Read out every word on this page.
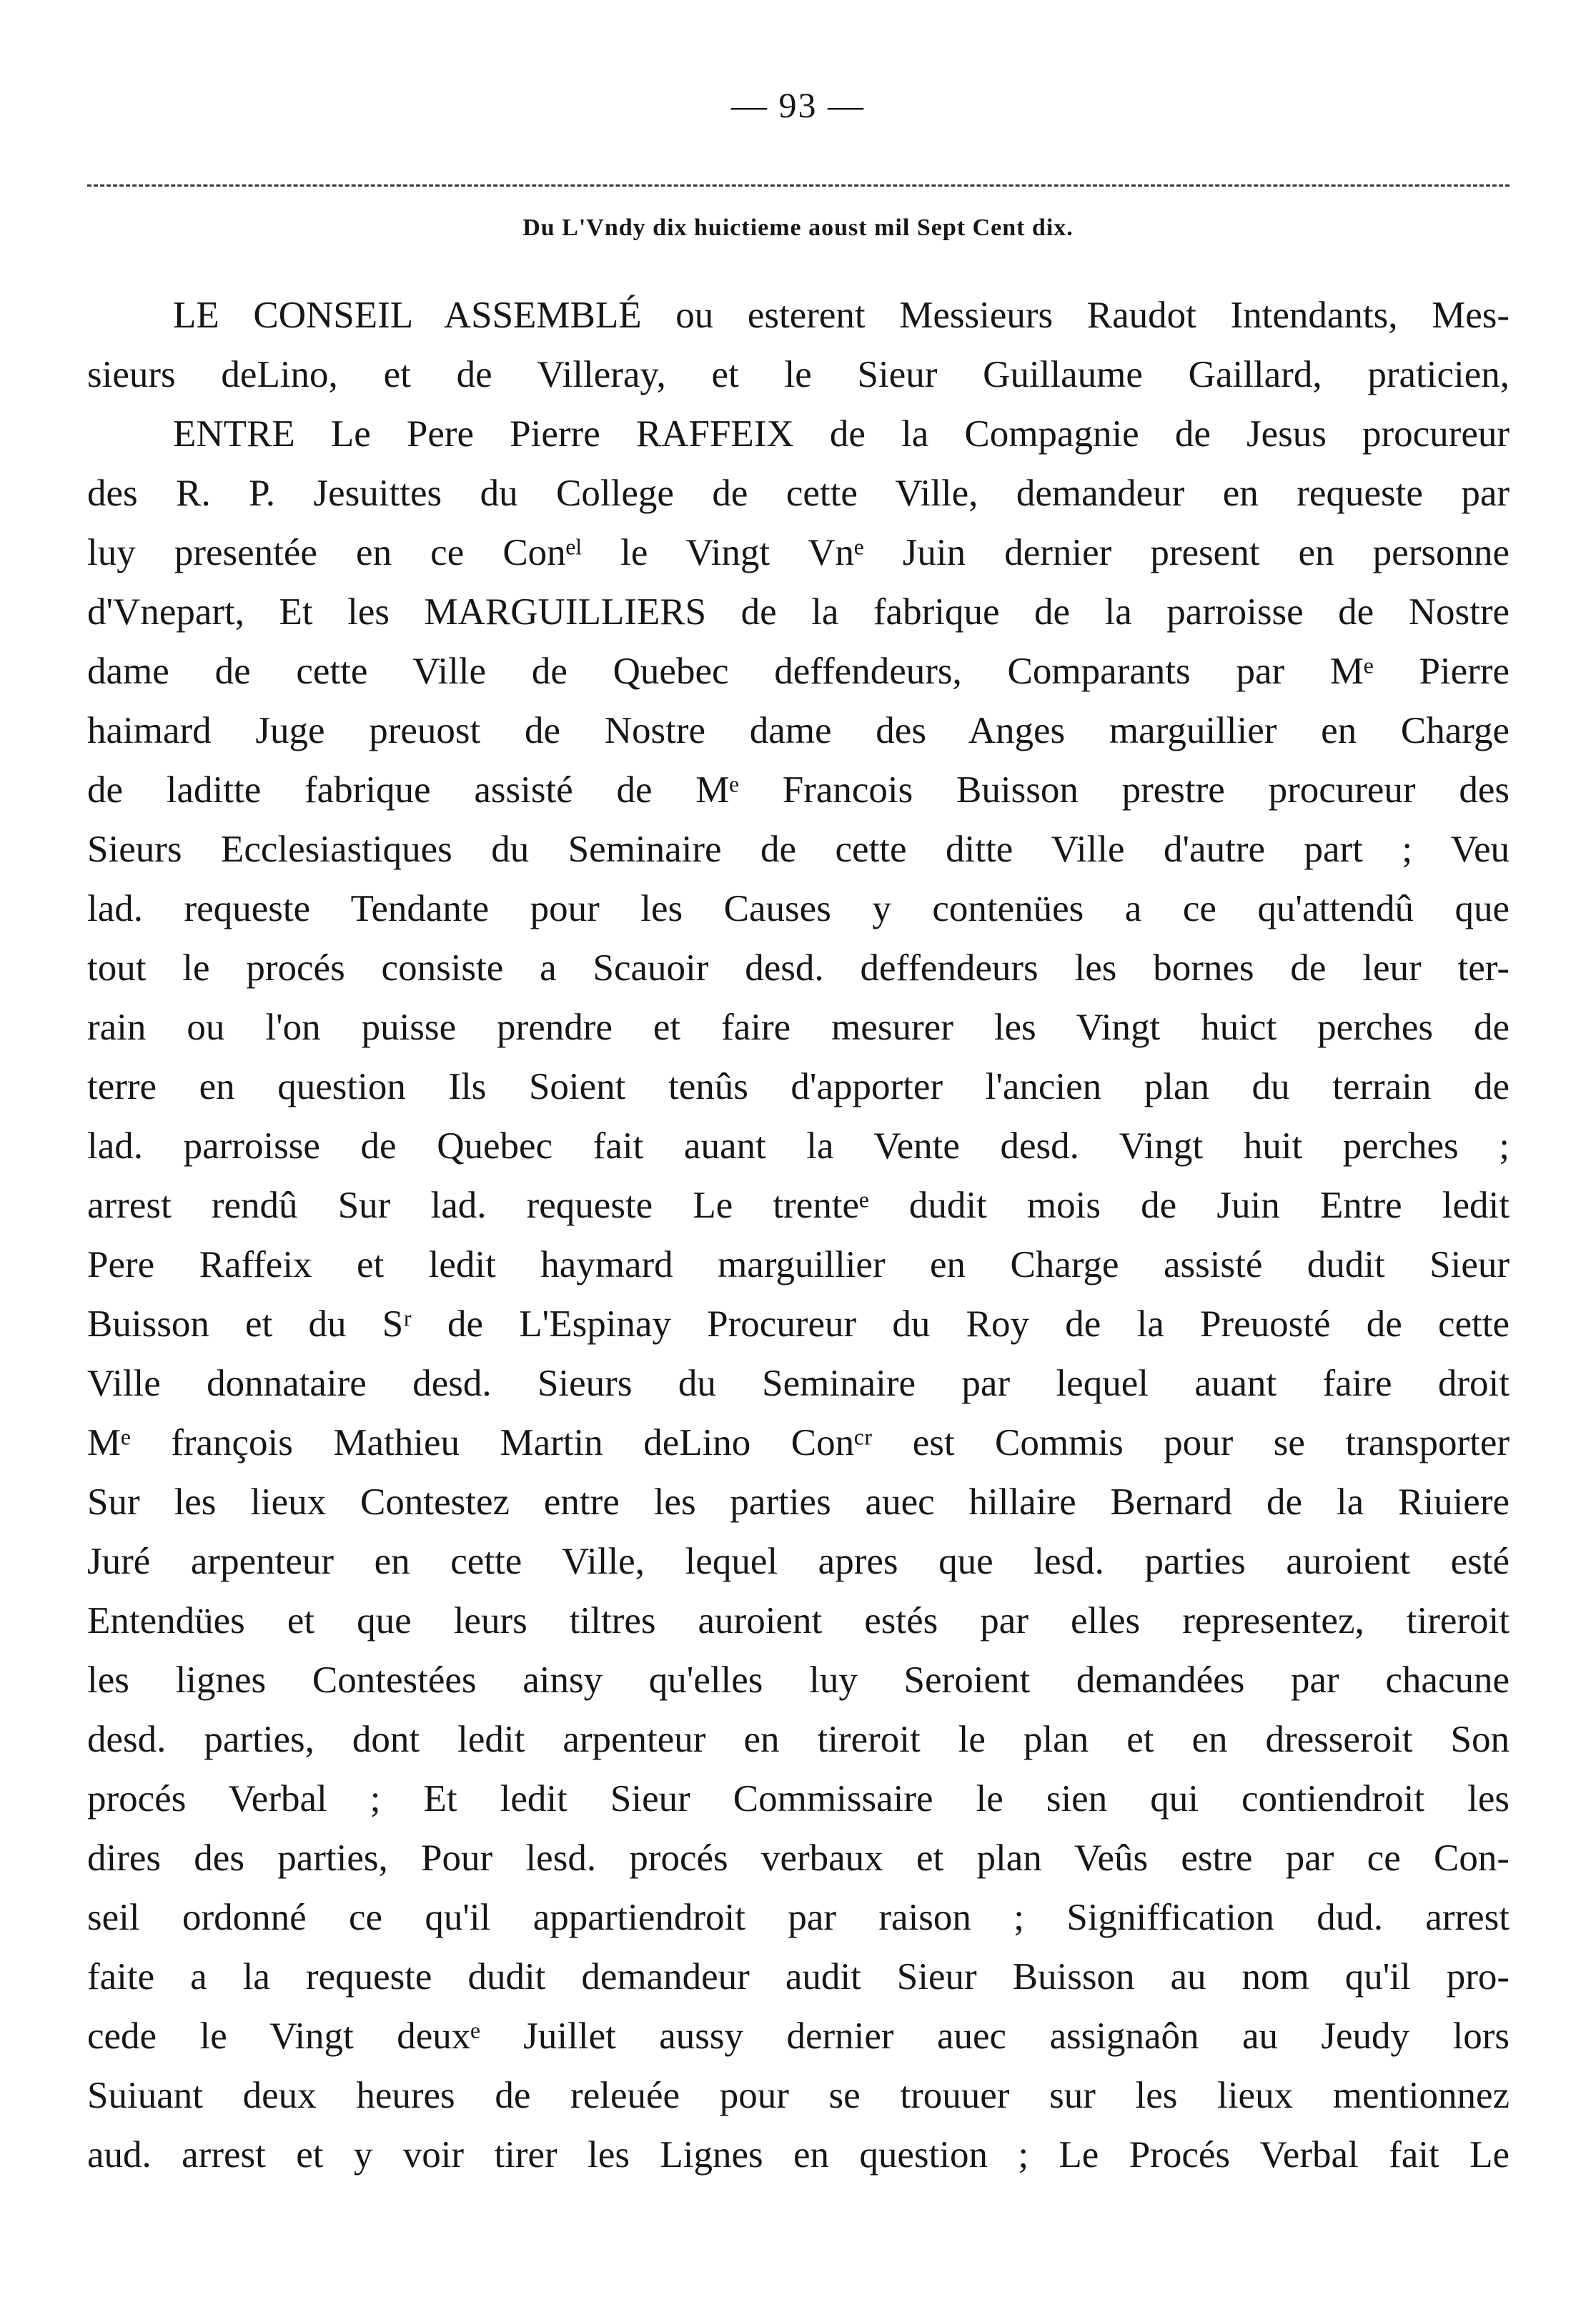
— 93 —
Du L'Vndy dix huictieme aoust mil Sept Cent dix.
LE CONSEIL ASSEMBLÉ ou esterent Messieurs Raudot Intendants, Mes-
sieurs deLino, et de Villeray, et le Sieur Guillaume Gaillard, praticien,
ENTRE Le Pere Pierre RAFFEIX de la Compagnie de Jesus procureur
des R. P. Jesuittes du College de cette Ville, demandeur en requeste par
luy presentée en ce Conᵉˡ le Vingt Vnᵉ Juin dernier present en personne
d'Vnepart, Et les MARGUILLIERS de la fabrique de la parroisse de Nostre
dame de cette Ville de Quebec deffendeurs, Comparants par Mᵉ Pierre
haimard Juge preuost de Nostre dame des Anges marguillier en Charge
de laditte fabrique assisté de Mᵉ Francois Buisson prestre procureur des
Sieurs Ecclesiastiques du Seminaire de cette ditte Ville d'autre part ; Veu
lad. requeste Tendante pour les Causes y contenües a ce qu'attendû que
tout le procés consiste a Scauoir desd. deffendeurs les bornes de leur ter-
rain ou l'on puisse prendre et faire mesurer les Vingt huict perches de
terre en question Ils Soient tenûs d'apporter l'ancien plan du terrain de
lad. parroisse de Quebec fait auant la Vente desd. Vingt huit perches ;
arrest rendû Sur lad. requeste Le trenteᵉ dudit mois de Juin Entre ledit
Pere Raffeix et ledit haymard marguillier en Charge assisté dudit Sieur
Buisson et du Sʳ de L'Espinay Procureur du Roy de la Preuosté de cette
Ville donnataire desd. Sieurs du Seminaire par lequel auant faire droit
Mᵉ françois Mathieu Martin deLino Conᶜʳ est Commis pour se transporter
Sur les lieux Contestez entre les parties auec hillaire Bernard de la Riuiere
Juré arpenteur en cette Ville, lequel apres que lesd. parties auroient esté
Entendües et que leurs tiltres auroient estés par elles representez, tireroit
les lignes Contestées ainsy qu'elles luy Seroient demandées par chacune
desd. parties, dont ledit arpenteur en tireroit le plan et en dresseroit Son
procés Verbal ; Et ledit Sieur Commissaire le sien qui contiendroit les
dires des parties, Pour lesd. procés verbaux et plan Veûs estre par ce Con-
seil ordonné ce qu'il appartiendroit par raison ; Signiffication dud. arrest
faite a la requeste dudit demandeur audit Sieur Buisson au nom qu'il pro-
cede le Vingt deuxᵉ Juillet aussy dernier auec assignaôn au Jeudy lors
Suiuant deux heures de releuée pour se trouuer sur les lieux mentionnez
aud. arrest et y voir tirer les Lignes en question ; Le Procés Verbal fait Le
